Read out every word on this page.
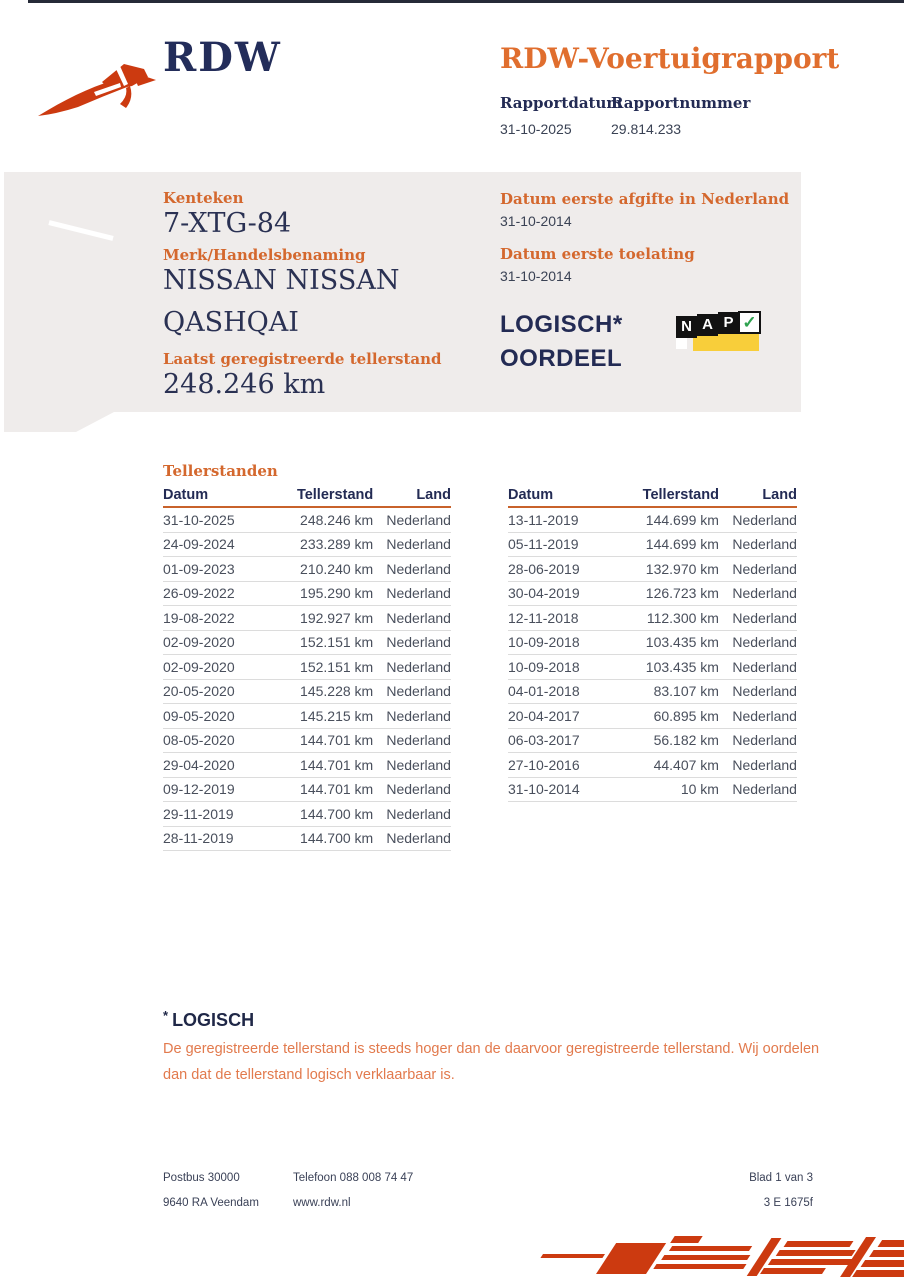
RDW	RDW-Voertuigrapport
Rapportdatum
31-10-2025
Rapportnummer
29.814.233
Kenteken
7-XTG-84
Merk/Handelsbenaming
NISSAN NISSAN QASHQAI
Laatst geregistreerde tellerstand
248.246 km
Datum eerste afgifte in Nederland
31-10-2014
Datum eerste toelating
31-10-2014
LOGISCH*
OORDEEL
N A P ✓
Tellerstanden
Datum	Tellerstand	Land
31-10-2025	248.246 km Nederland
24-09-2024	233.289 km Nederland
01-09-2023	210.240 km Nederland
26-09-2022	195.290 km Nederland
19-08-2022	192.927 km Nederland
02-09-2020	152.151 km Nederland
02-09-2020	152.151 km Nederland
20-05-2020	145.228 km Nederland
09-05-2020	145.215 km Nederland
08-05-2020	144.701 km Nederland
29-04-2020	144.701 km Nederland
09-12-2019	144.701 km Nederland
29-11-2019	144.700 km Nederland
28-11-2019	144.700 km Nederland
Datum	Tellerstand	Land
13-11-2019	144.699 km Nederland
05-11-2019	144.699 km Nederland
28-06-2019	132.970 km Nederland
30-04-2019	126.723 km Nederland
12-11-2018	112.300 km Nederland
10-09-2018	103.435 km Nederland
10-09-2018	103.435 km Nederland
04-01-2018	83.107 km Nederland
20-04-2017	60.895 km Nederland
06-03-2017	56.182 km Nederland
27-10-2016	44.407 km Nederland
31-10-2014	10 km Nederland
* LOGISCH

De geregistreerde tellerstand is steeds hoger dan de daarvoor geregistreerde tellerstand. Wij oordelen dan dat de tellerstand logisch verklaarbaar is.

Postbus 30000
9640 RA Veendam
Telefoon 088 008 74 47
www.rdw.nl
Blad 1 van 3
3 E 1675f
